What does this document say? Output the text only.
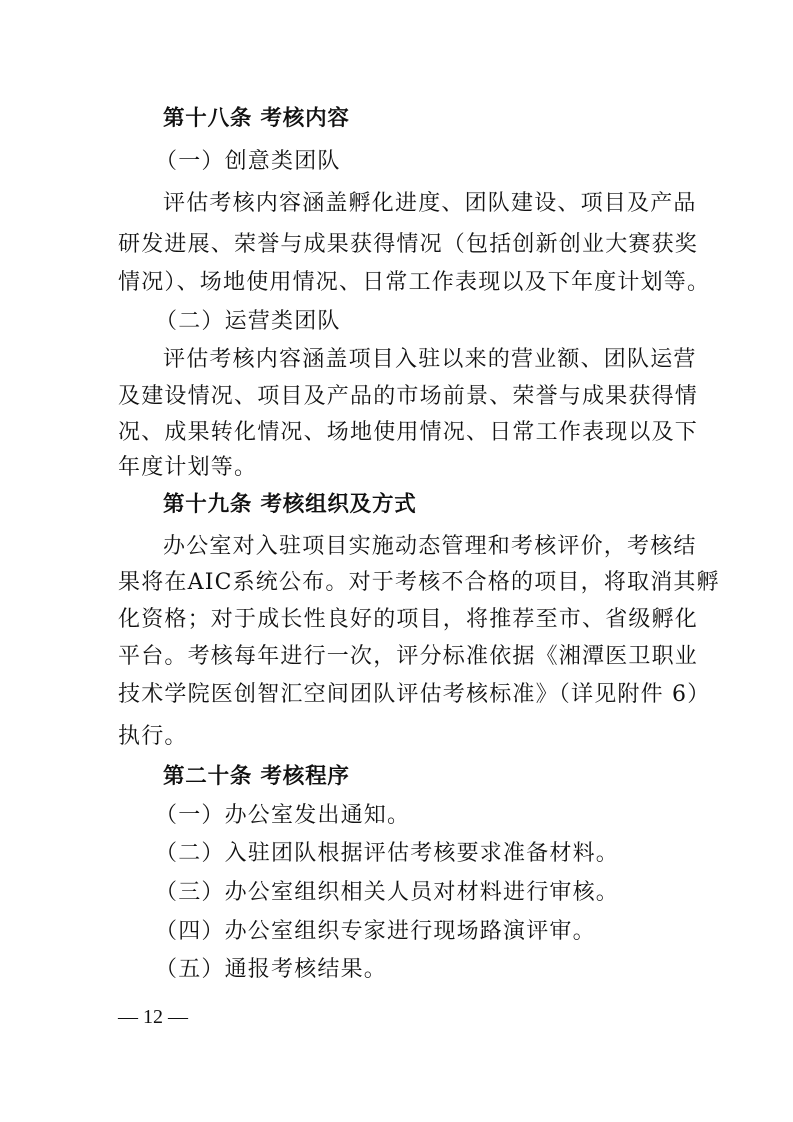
第十八条 考核内容
（一）创意类团队
评估考核内容涵盖孵化进度、团队建设、项目及产品
研发进展、荣誉与成果获得情况（包括创新创业大赛获奖
情况）、场地使用情况、日常工作表现以及下年度计划等。
（二）运营类团队
评估考核内容涵盖项目入驻以来的营业额、团队运营
及建设情况、项目及产品的市场前景、荣誉与成果获得情
况、成果转化情况、场地使用情况、日常工作表现以及下
年度计划等。
第十九条 考核组织及方式
办公室对入驻项目实施动态管理和考核评价，考核结
果将在AIC系统公布。对于考核不合格的项目，将取消其孵
化资格；对于成长性良好的项目，将推荐至市、省级孵化
平台。考核每年进行一次，评分标准依据《湘潭医卫职业
技术学院医创智汇空间团队评估考核标准》（详见附件 6）
执行。
第二十条 考核程序
（一）办公室发出通知。
（二）入驻团队根据评估考核要求准备材料。
（三）办公室组织相关人员对材料进行审核。
（四）办公室组织专家进行现场路演评审。
（五）通报考核结果。
— 12 —
